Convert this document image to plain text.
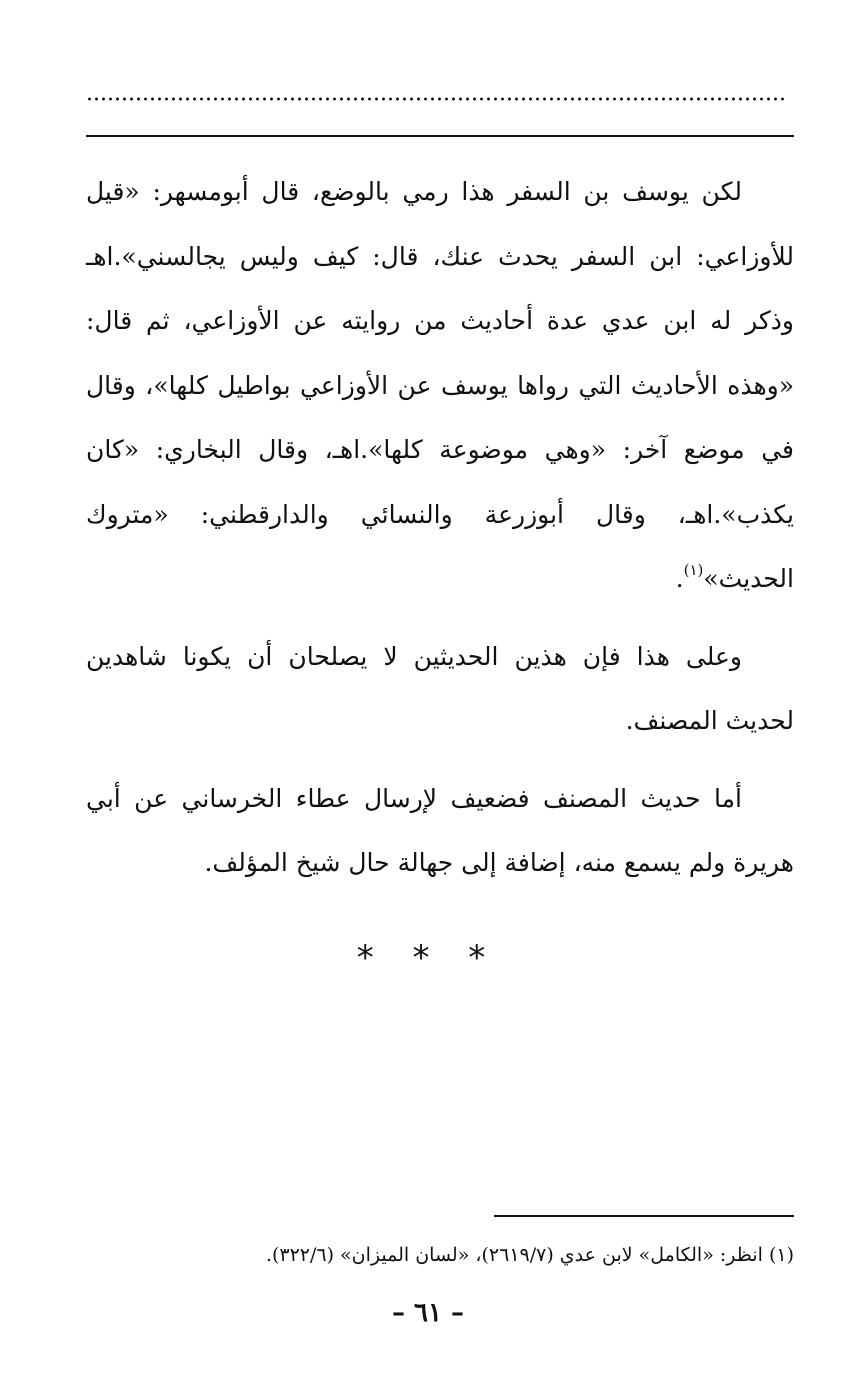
لكن يوسف بن السفر هذا رمي بالوضع، قال أبومسهر: «قيل للأوزاعي: ابن السفر يحدث عنك، قال: كيف وليس يجالسني».اهـ وذكر له ابن عدي عدة أحاديث من روايته عن الأوزاعي، ثم قال: «وهذه الأحاديث التي رواها يوسف عن الأوزاعي بواطيل كلها»، وقال في موضع آخر: «وهي موضوعة كلها».اهـ، وقال البخاري: «كان يكذب».اهـ، وقال أبوزرعة والنسائي والدارقطني: «متروك الحديث»$^{(١)}$.

وعلى هذا فإن هذين الحديثين لا يصلحان أن يكونا شاهدين لحديث المصنف.

أما حديث المصنف فضعيف لإرسال عطاء الخرساني عن أبي هريرة ولم يسمع منه، إضافة إلى جهالة حال شيخ المؤلف.

* * *
(١) انظر: «الكامل» لابن عدي (٢٦١٩/٧)، «لسان الميزان» (٣٢٢/٦).
– ٦١ –
